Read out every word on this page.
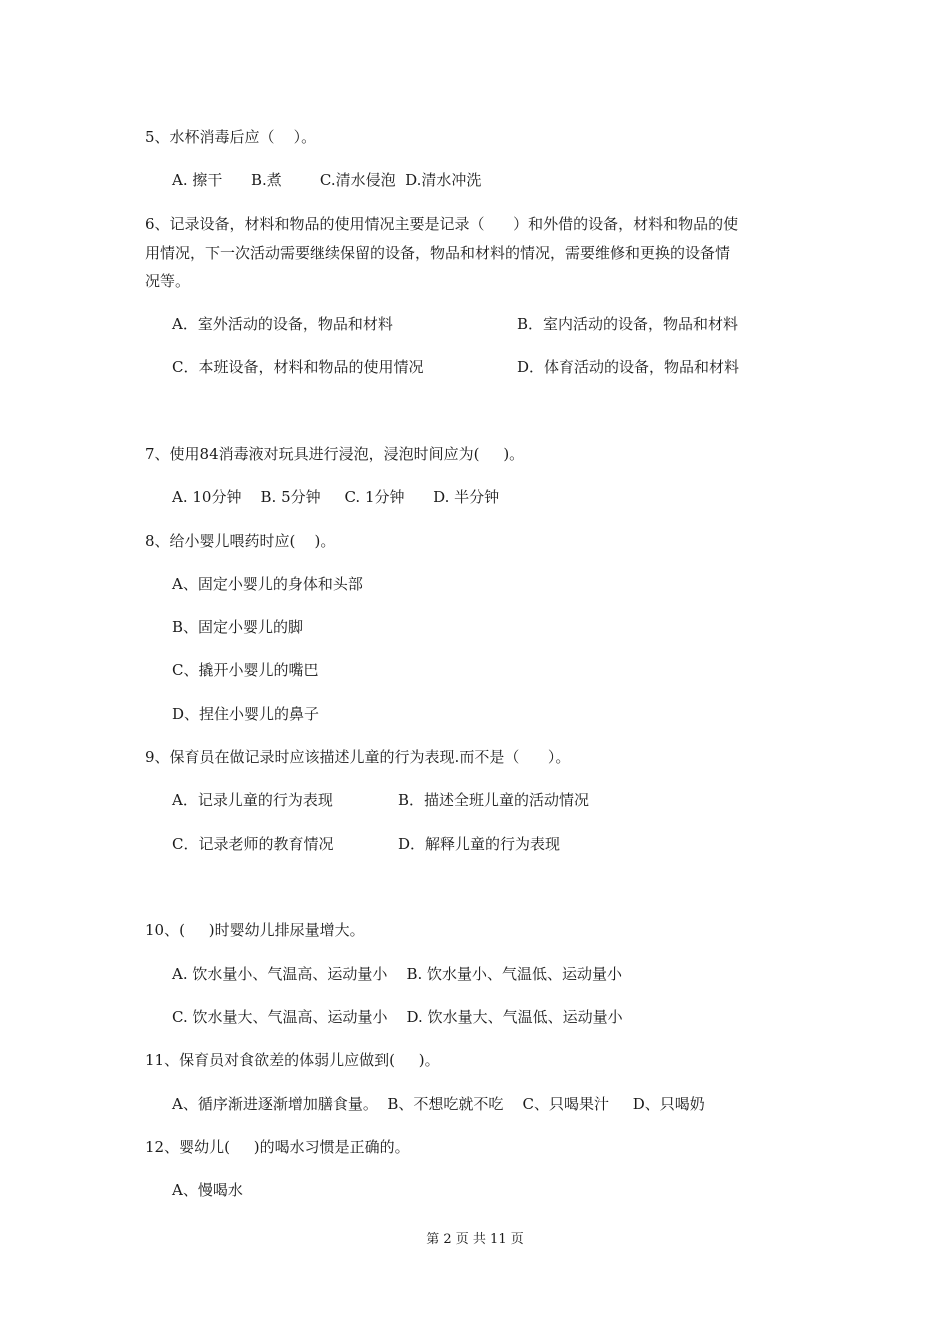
5、水杯消毒后应（    ）。
A. 擦干      B.煮        C.清水侵泡  D.清水冲洗
6、记录设备，材料和物品的使用情况主要是记录（      ）和外借的设备，材料和物品的使
用情况，下一次活动需要继续保留的设备，物品和材料的情况，需要维修和更换的设备情
况等。
A．室外活动的设备，物品和材料	B．室内活动的设备，物品和材料
C．本班设备，材料和物品的使用情况	D．体育活动的设备，物品和材料
7、使用84消毒液对玩具进行浸泡，浸泡时间应为(     )。
A. 10分钟    B. 5分钟     C. 1分钟      D. 半分钟
8、给小婴儿喂药时应(    )。
A、固定小婴儿的身体和头部
B、固定小婴儿的脚
C、撬开小婴儿的嘴巴
D、捏住小婴儿的鼻子
9、保育员在做记录时应该描述儿童的行为表现.而不是（      ）。
A．记录儿童的行为表现	B．描述全班儿童的活动情况
C．记录老师的教育情况	D．解释儿童的行为表现
10、(     )时婴幼儿排尿量增大。
A. 饮水量小、气温高、运动量小    B. 饮水量小、气温低、运动量小
C. 饮水量大、气温高、运动量小    D. 饮水量大、气温低、运动量小
11、保育员对食欲差的体弱儿应做到(     )。
A、循序渐进逐渐增加膳食量。  B、不想吃就不吃    C、只喝果汁     D、只喝奶
12、婴幼儿(     )的喝水习惯是正确的。
A、慢喝水
第 2 页 共 11 页
